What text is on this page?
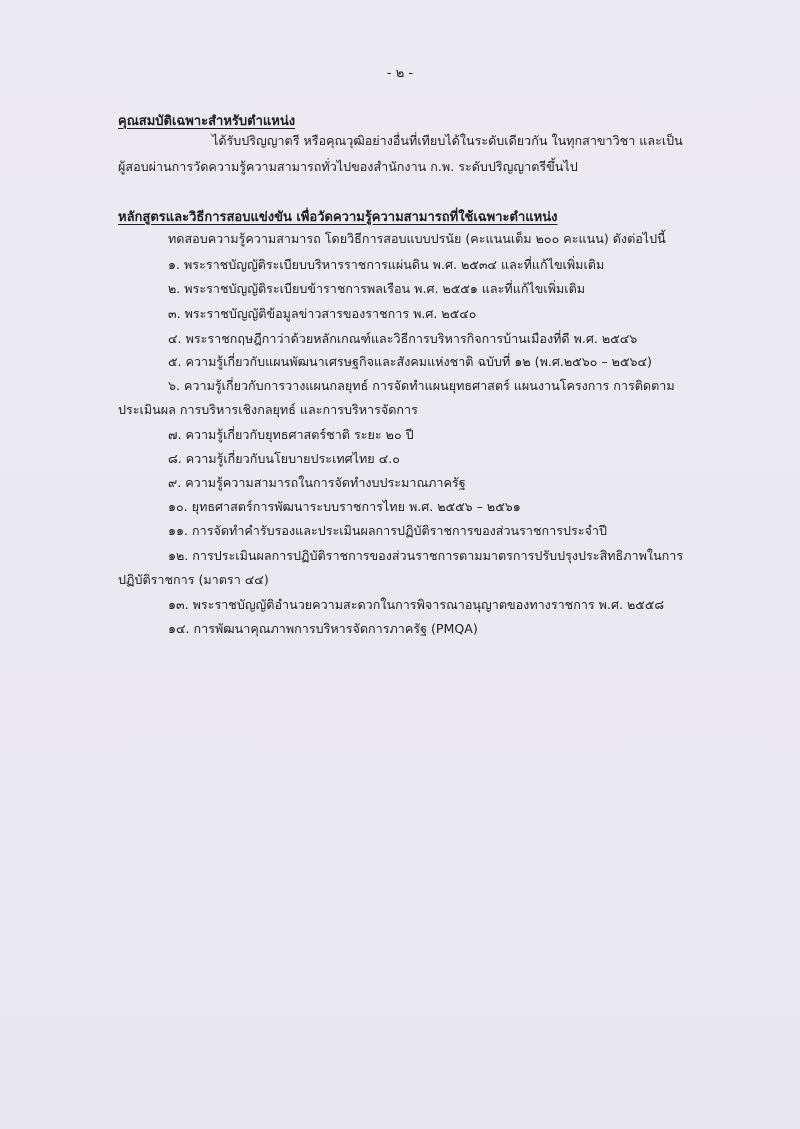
- ๒ -
คุณสมบัติเฉพาะสำหรับตำแหน่ง
ได้รับปริญญาตรี หรือคุณวุฒิอย่างอื่นที่เทียบได้ในระดับเดียวกัน ในทุกสาขาวิชา และเป็น
ผู้สอบผ่านการวัดความรู้ความสามารถทั่วไปของสำนักงาน ก.พ. ระดับปริญญาตรีขึ้นไป
หลักสูตรและวิธีการสอบแข่งขัน เพื่อวัดความรู้ความสามารถที่ใช้เฉพาะตำแหน่ง
ทดสอบความรู้ความสามารถ โดยวิธีการสอบแบบปรนัย (คะแนนเต็ม ๒๐๐ คะแนน) ดังต่อไปนี้
๑. พระราชบัญญัติระเบียบบริหารราชการแผ่นดิน พ.ศ. ๒๕๓๔ และที่แก้ไขเพิ่มเติม
๒. พระราชบัญญัติระเบียบข้าราชการพลเรือน พ.ศ. ๒๕๕๑ และที่แก้ไขเพิ่มเติม
๓. พระราชบัญญัติข้อมูลข่าวสารของราชการ พ.ศ. ๒๕๔๐
๔. พระราชกฤษฎีกาว่าด้วยหลักเกณฑ์และวิธีการบริหารกิจการบ้านเมืองที่ดี พ.ศ. ๒๕๔๖
๕. ความรู้เกี่ยวกับแผนพัฒนาเศรษฐกิจและสังคมแห่งชาติ ฉบับที่ ๑๒ (พ.ศ.๒๕๖๐ – ๒๕๖๔)
๖. ความรู้เกี่ยวกับการวางแผนกลยุทธ์ การจัดทำแผนยุทธศาสตร์ แผนงานโครงการ การติดตาม
ประเมินผล การบริหารเชิงกลยุทธ์ และการบริหารจัดการ
๗. ความรู้เกี่ยวกับยุทธศาสตร์ชาติ ระยะ ๒๐ ปี
๘. ความรู้เกี่ยวกับนโยบายประเทศไทย ๔.๐
๙. ความรู้ความสามารถในการจัดทำงบประมาณภาครัฐ
๑๐. ยุทธศาสตร์การพัฒนาระบบราชการไทย พ.ศ. ๒๕๕๖ – ๒๕๖๑
๑๑. การจัดทำคำรับรองและประเมินผลการปฏิบัติราชการของส่วนราชการประจำปี
๑๒. การประเมินผลการปฏิบัติราชการของส่วนราชการตามมาตรการปรับปรุงประสิทธิภาพในการ
ปฏิบัติราชการ (มาตรา ๔๔)
๑๓. พระราชบัญญัติอำนวยความสะดวกในการพิจารณาอนุญาตของทางราชการ พ.ศ. ๒๕๕๘
๑๔. การพัฒนาคุณภาพการบริหารจัดการภาครัฐ (PMQA)
